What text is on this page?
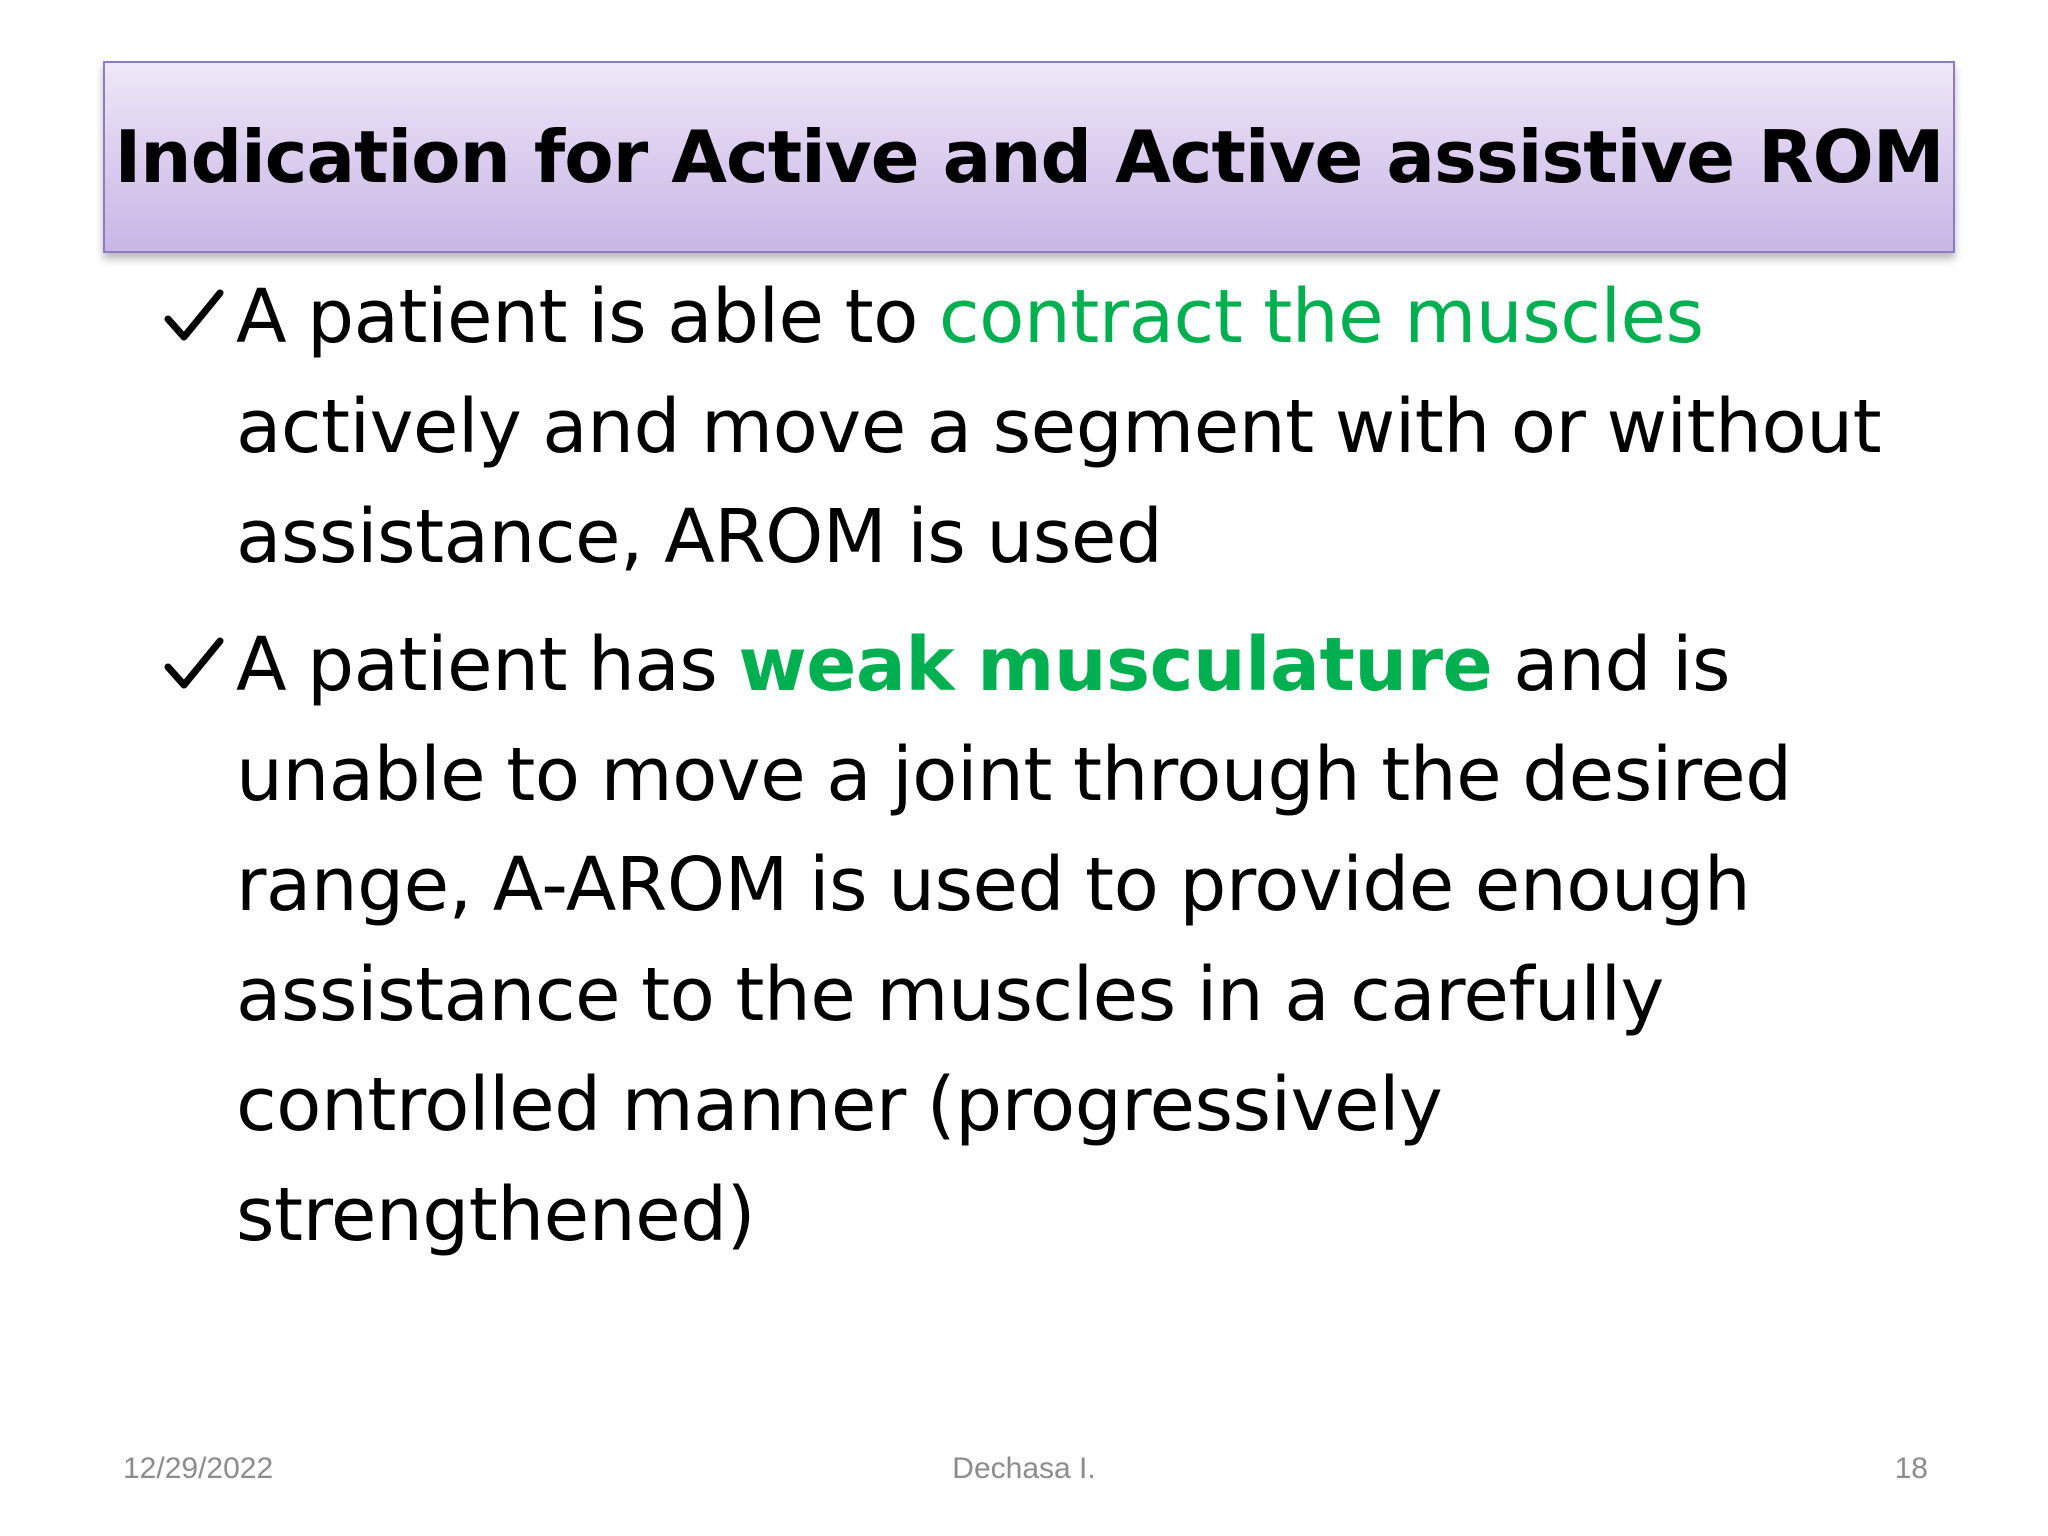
Indication for Active and Active assistive ROM
A patient is able to contract the muscles actively and move a segment with or without assistance, AROM is used
A patient has weak musculature and is unable to move a joint through the desired range, A-AROM is used to provide enough assistance to the muscles in a carefully controlled manner (progressively strengthened)
12/29/2022	Dechasa I.	18
